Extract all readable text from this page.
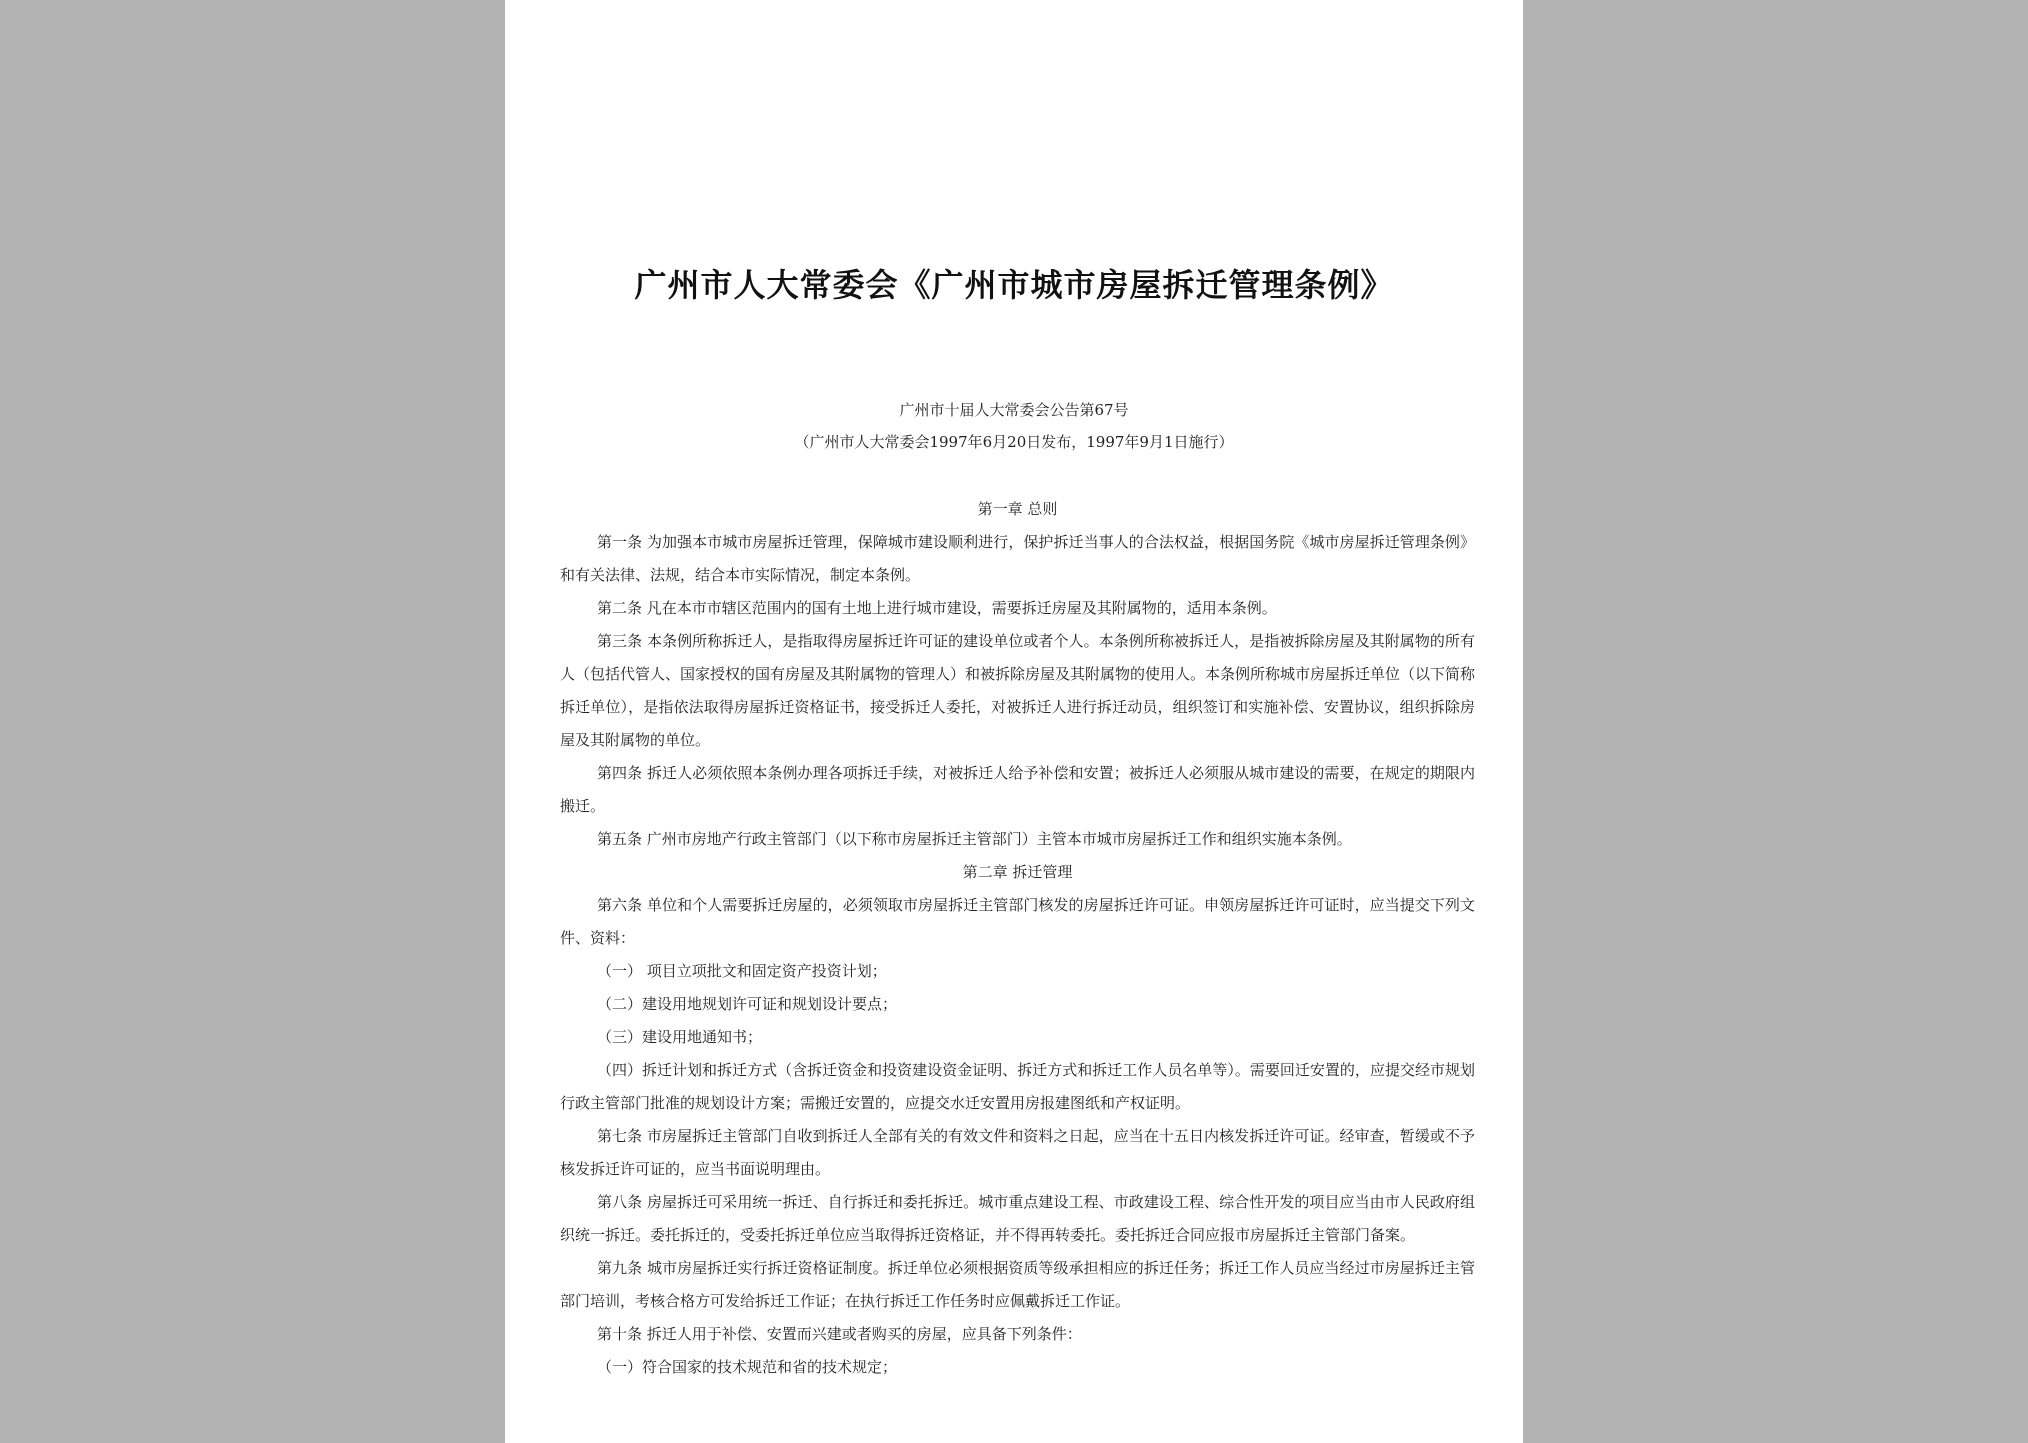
广州市人大常委会《广州市城市房屋拆迁管理条例》

广州市十届人大常委会公告第67号

（广州市人大常委会1997年6月20日发布，1997年9月1日施行）

第一章 总则

第一条 为加强本市城市房屋拆迁管理，保障城市建设顺利进行，保护拆迁当事人的合法权益，根据国务院《城市房屋拆迁管理条例》和有关法律、法规，结合本市实际情况，制定本条例。

第二条 凡在本市市辖区范围内的国有土地上进行城市建设，需要拆迁房屋及其附属物的，适用本条例。

第三条 本条例所称拆迁人，是指取得房屋拆迁许可证的建设单位或者个人。本条例所称被拆迁人，是指被拆除房屋及其附属物的所有人（包括代管人、国家授权的国有房屋及其附属物的管理人）和被拆除房屋及其附属物的使用人。本条例所称城市房屋拆迁单位（以下简称拆迁单位），是指依法取得房屋拆迁资格证书，接受拆迁人委托，对被拆迁人进行拆迁动员，组织签订和实施补偿、安置协议，组织拆除房屋及其附属物的单位。

第四条 拆迁人必须依照本条例办理各项拆迁手续，对被拆迁人给予补偿和安置；被拆迁人必须服从城市建设的需要，在规定的期限内搬迁。

第五条 广州市房地产行政主管部门（以下称市房屋拆迁主管部门）主管本市城市房屋拆迁工作和组织实施本条例。

第二章 拆迁管理

第六条 单位和个人需要拆迁房屋的，必须领取市房屋拆迁主管部门核发的房屋拆迁许可证。申领房屋拆迁许可证时，应当提交下列文件、资料：

（一） 项目立项批文和固定资产投资计划；

（二）建设用地规划许可证和规划设计要点；

（三）建设用地通知书；

（四）拆迁计划和拆迁方式（含拆迁资金和投资建设资金证明、拆迁方式和拆迁工作人员名单等）。需要回迁安置的，应提交经市规划行政主管部门批准的规划设计方案；需搬迁安置的，应提交水迁安置用房报建图纸和产权证明。

第七条 市房屋拆迁主管部门自收到拆迁人全部有关的有效文件和资料之日起，应当在十五日内核发拆迁许可证。经审查，暂缓或不予核发拆迁许可证的，应当书面说明理由。

第八条 房屋拆迁可采用统一拆迁、自行拆迁和委托拆迁。城市重点建设工程、市政建设工程、综合性开发的项目应当由市人民政府组织统一拆迁。委托拆迁的，受委托拆迁单位应当取得拆迁资格证，并不得再转委托。委托拆迁合同应报市房屋拆迁主管部门备案。

第九条 城市房屋拆迁实行拆迁资格证制度。拆迁单位必须根据资质等级承担相应的拆迁任务；拆迁工作人员应当经过市房屋拆迁主管部门培训，考核合格方可发给拆迁工作证；在执行拆迁工作任务时应佩戴拆迁工作证。

第十条 拆迁人用于补偿、安置而兴建或者购买的房屋，应具备下列条件：

（一）符合国家的技术规范和省的技术规定；
